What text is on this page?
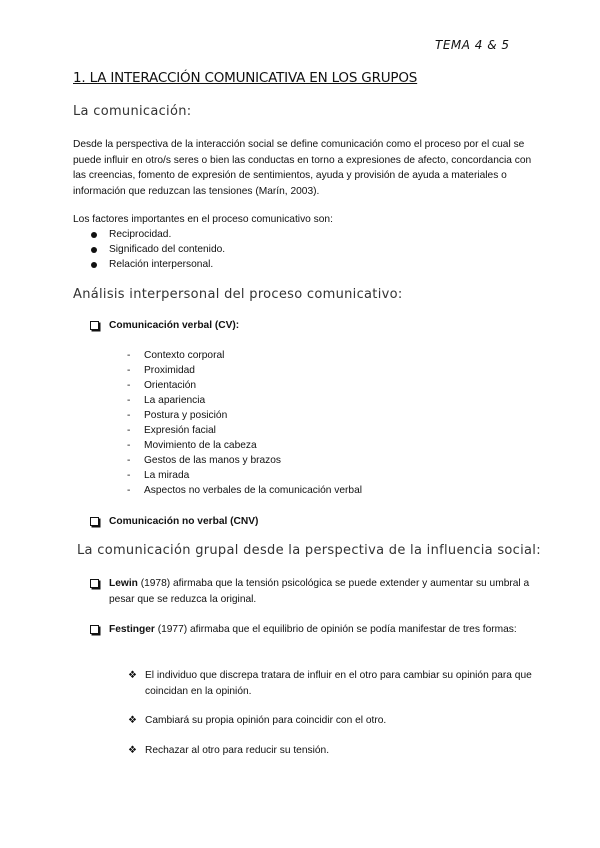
TEMA 4 & 5
1. LA INTERACCIÓN COMUNICATIVA EN LOS GRUPOS
La comunicación:
Desde la perspectiva de la interacción social se define comunicación como el proceso por el cual se puede influir en otro/s seres o bien las conductas en torno a expresiones de afecto, concordancia con las creencias, fomento de expresión de sentimientos, ayuda y provisión de ayuda a materiales o información que reduzcan las tensiones (Marín, 2003).
Los factores importantes en el proceso comunicativo son:
Reciprocidad.
Significado del contenido.
Relación interpersonal.
Análisis interpersonal del proceso comunicativo:
Comunicación verbal (CV):
- Contexto corporal
- Proximidad
- Orientación
- La apariencia
- Postura y posición
- Expresión facial
- Movimiento de la cabeza
- Gestos de las manos y brazos
- La mirada
- Aspectos no verbales de la comunicación verbal
Comunicación no verbal (CNV)
La comunicación grupal desde la perspectiva de la influencia social:
Lewin (1978) afirmaba que la tensión psicológica se puede extender y aumentar su umbral a pesar que se reduzca la original.
Festinger (1977) afirmaba que el equilibrio de opinión se podía manifestar de tres formas:
❖ El individuo que discrepa tratara de influir en el otro para cambiar su opinión para que coincidan en la opinión.
❖ Cambiará su propia opinión para coincidir con el otro.
❖ Rechazar al otro para reducir su tensión.
